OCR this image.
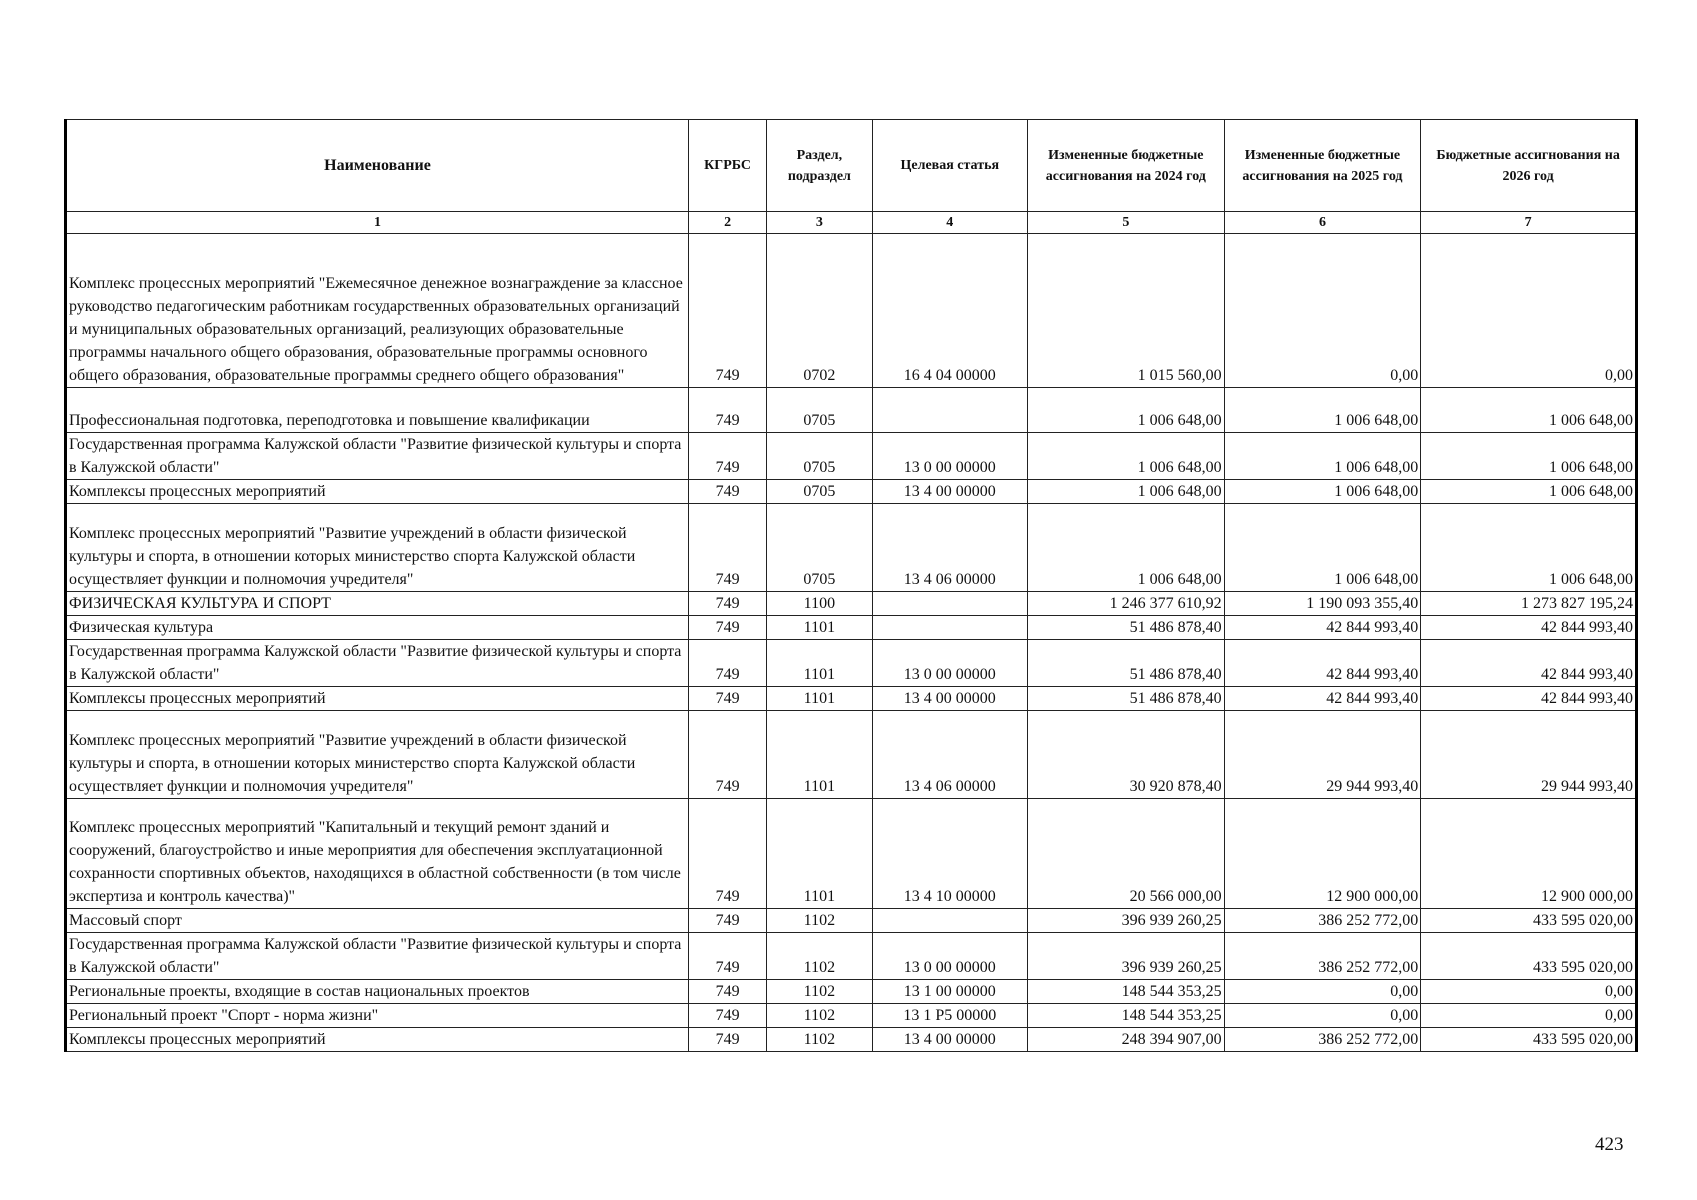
Наименование	КГРБС	Раздел, подраздел	Целевая статья	Измененные бюджетные ассигнования на 2024 год	Измененные бюджетные ассигнования на 2025 год	Бюджетные ассигнования на 2026 год
1	2	3	4	5	6	7
Комплекс процессных мероприятий "Ежемесячное денежное вознаграждение за классное руководство педагогическим работникам государственных образовательных организаций и муниципальных образовательных организаций, реализующих образовательные программы начального общего образования, образовательные программы основного общего образования, образовательные программы среднего общего образования"	749	0702	16 4 04 00000	1 015 560,00	0,00	0,00
Профессиональная подготовка, переподготовка и повышение квалификации	749	0705		1 006 648,00	1 006 648,00	1 006 648,00
Государственная программа Калужской области "Развитие физической культуры и спорта в Калужской области"	749	0705	13 0 00 00000	1 006 648,00	1 006 648,00	1 006 648,00
Комплексы процессных мероприятий	749	0705	13 4 00 00000	1 006 648,00	1 006 648,00	1 006 648,00
Комплекс процессных мероприятий "Развитие учреждений в области физической культуры и спорта, в отношении которых министерство спорта Калужской области осуществляет функции и полномочия учредителя"	749	0705	13 4 06 00000	1 006 648,00	1 006 648,00	1 006 648,00
ФИЗИЧЕСКАЯ КУЛЬТУРА И СПОРТ	749	1100		1 246 377 610,92	1 190 093 355,40	1 273 827 195,24
Физическая культура	749	1101		51 486 878,40	42 844 993,40	42 844 993,40
Государственная программа Калужской области "Развитие физической культуры и спорта в Калужской области"	749	1101	13 0 00 00000	51 486 878,40	42 844 993,40	42 844 993,40
Комплексы процессных мероприятий	749	1101	13 4 00 00000	51 486 878,40	42 844 993,40	42 844 993,40
Комплекс процессных мероприятий "Развитие учреждений в области физической культуры и спорта, в отношении которых министерство спорта Калужской области осуществляет функции и полномочия учредителя"	749	1101	13 4 06 00000	30 920 878,40	29 944 993,40	29 944 993,40
Комплекс процессных мероприятий "Капитальный и текущий ремонт зданий и сооружений, благоустройство и иные мероприятия для обеспечения эксплуатационной сохранности спортивных объектов, находящихся в областной собственности (в том числе экспертиза и контроль качества)"	749	1101	13 4 10 00000	20 566 000,00	12 900 000,00	12 900 000,00
Массовый спорт	749	1102		396 939 260,25	386 252 772,00	433 595 020,00
Государственная программа Калужской области "Развитие физической культуры и спорта в Калужской области"	749	1102	13 0 00 00000	396 939 260,25	386 252 772,00	433 595 020,00
Региональные проекты, входящие в состав национальных проектов	749	1102	13 1 00 00000	148 544 353,25	0,00	0,00
Региональный проект "Спорт - норма жизни"	749	1102	13 1 P5 00000	148 544 353,25	0,00	0,00
Комплексы процессных мероприятий	749	1102	13 4 00 00000	248 394 907,00	386 252 772,00	433 595 020,00
423
